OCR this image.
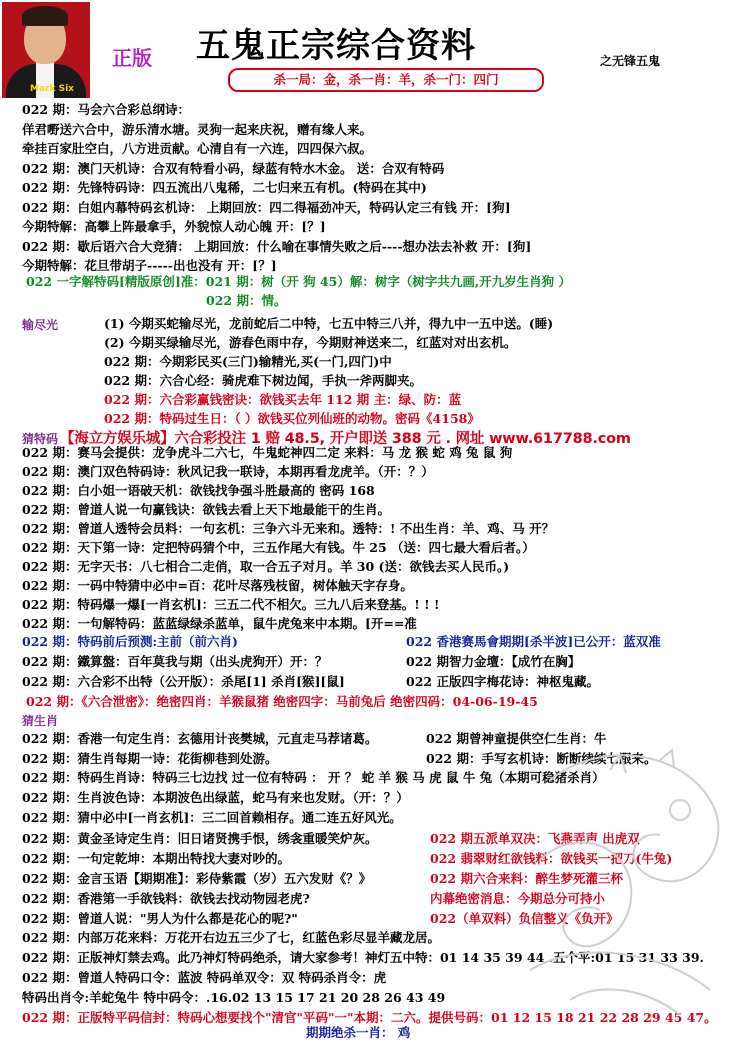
Mark Six
正版 五鬼正宗综合资料	之无锋五鬼
杀一局：金，杀一肖：羊，杀一门：四门
022 期：马会六合彩总纲诗：
佯君嘢送六合中，游乐清水塘。灵狗一起来庆祝，赠有缘人来。
牵挂百家肚空白，八方进贡献。心清自有一六连，四四保六叔。
022 期：澳门天机诗：合双有特看小码，绿蓝有特水木金。 送：合双有特码
022 期：先锋特码诗：四五流出八鬼稀，二七归来五有机。(特码在其中)
022 期：白姐内幕特码玄机诗： 上期回放：四二得福劲冲天，特码认定三有钱 开：[狗]
今期特解：高攀上阵最拿手，外貌惊人动心魄 开：[？]
022 期：歇后语六合大竞猜： 上期回放：什么喻在事情失败之后----想办法去补救 开：[狗]
今期特解：花旦带胡子-----出也没有 开：[？]
022 一字解特码[精版原创]准：021 期：树（开 狗 45）解：树字（树字共九画,开九岁生肖狗 ）
022 期：情。
输尽光	(1) 今期买蛇输尽光，龙前蛇后二中特，七五中特三八并，得九中一五中送。(睡)
(2) 今期买绿输尽光，游春色雨中存，今期财神送来二，红蓝对对出玄机。
022 期：今期彩民买(三门)输精光,买(一门,四门)中
022 期：六合心经：骑虎难下树边闻，手执一斧两脚夹。
022 期：六合彩赢钱密诀：欲钱买去年 112 期 主：绿、防：蓝
022 期：特码过生日：（ ）欲钱买位列仙班的动物。密码《4158》
猜特码 【海立方娱乐城】六合彩投注 1 赔 48.5, 开户即送 388 元 . 网址 www.617788.com
022 期：赛马会提供：龙争虎斗二六七，牛鬼蛇神四二定 来料：马 龙 猴 蛇 鸡 兔 鼠 狗
022 期：澳门双色特码诗：秋风记我一联诗，本期再看龙虎羊。（开：？）
022 期：白小姐一语破天机：欲钱找争强斗胜最高的 密码 168
022 期：曾道人说一句赢钱诀：欲钱去看上天下地最能干的生肖。
022 期：曾道人透特会员料：一句玄机：三争六斗无来和。透特：! 不出生肖：羊、鸡、马 开？
022 期：天下第一诗：定把特码猜个中，三五作尾大有钱。牛 25 （送：四七最大看后者。）
022 期：无字天书：八七相合二走俏，取一合五子对月。羊 30 (送：欲钱去买人民币。)
022 期：一码中特猜中必中=百：花叶尽落残枝留，树体触天字存身。
022 期：特码爆一爆[一肖玄机]：三五二代不相欠。三九八后来登基。! ! !
022 期：一句解特码：蓝蓝绿绿杀蓝单，鼠牛虎兔来中本期。[开==准
022 期：特码前后预测:主前（前六肖)	022 香港赛馬會期期[杀半波]已公开：蓝双准
022 期：鐵算盤：百年莫我与期（出头虎狗开）开：？	022 期智力金壇：【成竹在胸】
022 期：六合彩不出特（公开版）：杀尾[1] 杀肖[猴][鼠]	022 正版四字梅花诗：神枢鬼藏。
022 期：《六合泄密》：绝密四肖：羊猴鼠猪 绝密四字：马前兔后 绝密四码：04-06-19-45
猜生肖
022 期：香港一句定生肖：玄德用计丧樊城，元直走马荐诸葛。	022 期曾神童提供空仁生肖：牛
022 期：猜生肖每期一诗：花街柳巷到处游。	022 期：手写玄机诗：断断续续七跟来。
022 期：特码生肖诗：特码三七边找 过一位有特码 ： 开 ？ 蛇 羊 猴 马 虎 鼠 牛 兔（本期可稳猪杀肖）
022 期：生肖波色诗：本期波色出绿蓝，蛇马有来也发财。（开：？）
022 期：猜中必中[一肖玄机]：三二回首赖相存。通二连五好风光。
022 期：黄金圣诗定生肖：旧日诸贤携手恨，绣衾重暖笑炉灰。	022 期五派单双决：飞燕弄声 出虎双
022 期：一句定乾坤：本期出特找大妻对吵的。	022 翡翠财红欲钱料：欲钱买一把刀(牛兔)
022 期：金言玉语【期期准】：彩侍紫霞（岁）五六发财《？》	022 期六合来料：醉生梦死灌三杯
022 期：香港第一手欲钱料：欲钱去找动物园老虎?	内幕绝密消息：今期总分可持小
022 期：曾道人说："男人为什么都是花心的呢?"	022（单双料）负信整义《负开》
022 期：内部万花来料：万花开右边五三少了七，红蓝色彩尽显羊藏龙居。
022 期：正版神灯禁去鸡。此乃神灯特码绝杀，请大家参考！神灯五中特：01 14 35 39 44 .五个平:01 15 31 33 39.
022 期：曾道人特码口令：蓝波 特码单双令：双 特码杀肖令：虎
特码出肖令:羊蛇兔牛 特中码令：.16.02 13 15 17 21 20 28 26 43 49
022 期：正版特平码信封：特码心想要找个"清官"平码"一"本期：二六。提供号码：01 12 15 18 21 22 28 29 45 47。
期期绝杀一肖： 鸡
